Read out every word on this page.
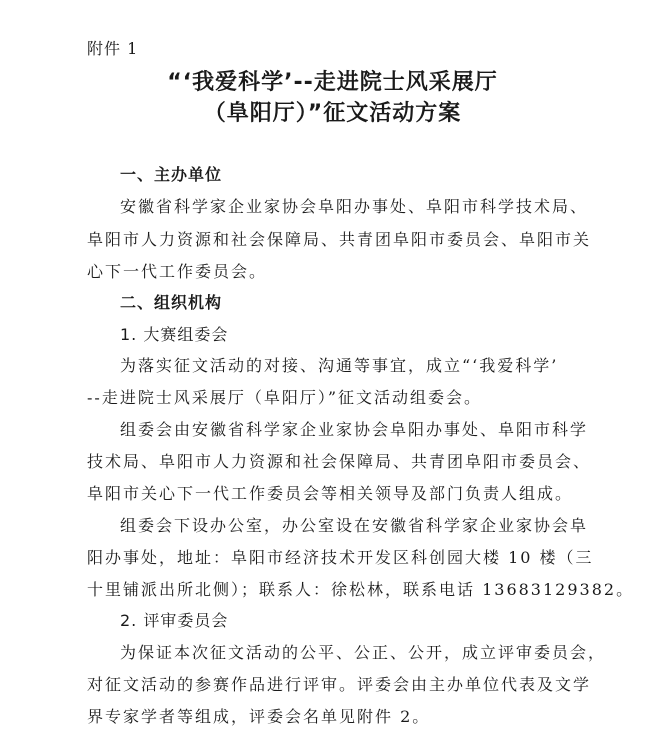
附件 1
“‘我爱科学’--走进院士风采展厅
（阜阳厅）”征文活动方案
一、主办单位
安徽省科学家企业家协会阜阳办事处、阜阳市科学技术局、
阜阳市人力资源和社会保障局、共青团阜阳市委员会、阜阳市关
心下一代工作委员会。
二、组织机构
1. 大赛组委会
为落实征文活动的对接、沟通等事宜，成立“‘我爱科学’
--走进院士风采展厅（阜阳厅）”征文活动组委会。
组委会由安徽省科学家企业家协会阜阳办事处、阜阳市科学
技术局、阜阳市人力资源和社会保障局、共青团阜阳市委员会、
阜阳市关心下一代工作委员会等相关领导及部门负责人组成。
组委会下设办公室，办公室设在安徽省科学家企业家协会阜
阳办事处，地址：阜阳市经济技术开发区科创园大楼 10 楼（三
十里铺派出所北侧）；联系人：徐松林，联系电话 13683129382。
2. 评审委员会
为保证本次征文活动的公平、公正、公开，成立评审委员会，
对征文活动的参赛作品进行评审。评委会由主办单位代表及文学
界专家学者等组成，评委会名单见附件 2。
